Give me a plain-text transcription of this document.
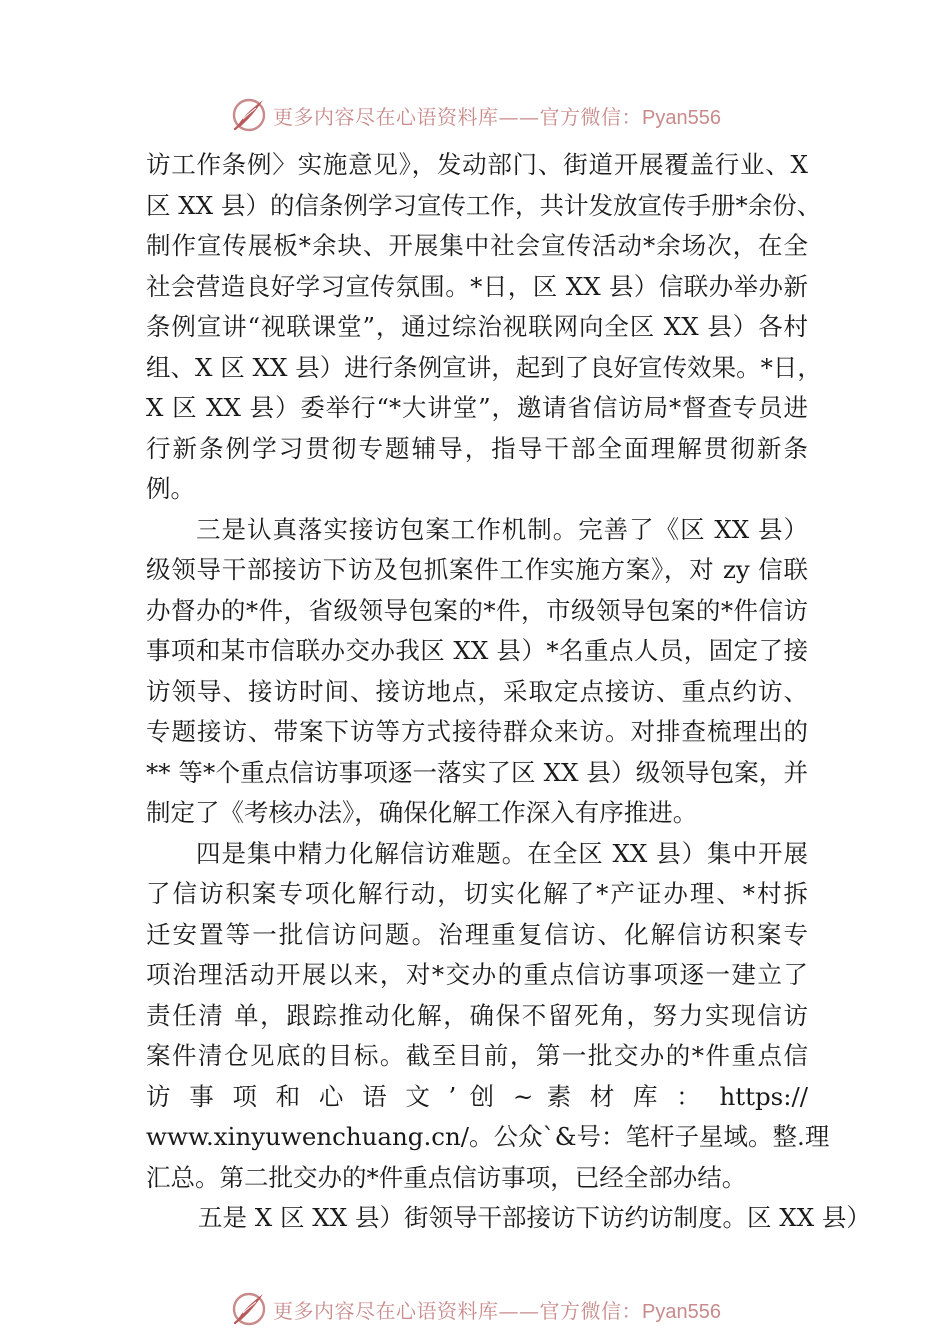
更多内容尽在心语资料库——官方微信：Pyan556
访工作条例〉实施意见》，发动部门、街道开展覆盖行业、X
区 XX 县）的信条例学习宣传工作，共计发放宣传手册*余份、
制作宣传展板*余块、开展集中社会宣传活动*余场次，在全
社会营造良好学习宣传氛围。*日，区 XX 县）信联办举办新
条例宣讲“视联课堂”，通过综治视联网向全区 XX 县）各村
组、X 区 XX 县）进行条例宣讲，起到了良好宣传效果。*日，
X 区 XX 县）委举行“*大讲堂”，邀请省信访局*督查专员进
行新条例学习贯彻专题辅导，指导干部全面理解贯彻新条
例。
三是认真落实接访包案工作机制。完善了《区 XX 县）
级领导干部接访下访及包抓案件工作实施方案》，对 zy 信联
办督办的*件，省级领导包案的*件，市级领导包案的*件信访
事项和某市信联办交办我区 XX 县）*名重点人员，固定了接
访领导、接访时间、接访地点，采取定点接访、重点约访、
专题接访、带案下访等方式接待群众来访。对排查梳理出的
** 等*个重点信访事项逐一落实了区 XX 县）级领导包案，并
制定了《考核办法》，确保化解工作深入有序推进。
四是集中精力化解信访难题。在全区 XX 县）集中开展
了信访积案专项化解行动，切实化解了*产证办理、*村拆
迁安置等一批信访问题。治理重复信访、化解信访积案专
项治理活动开展以来，对*交办的重点信访事项逐一建立了
责任清 单，跟踪推动化解，确保不留死角，努力实现信访
案件清仓见底的目标。截至目前，第一批交办的*件重点信
访 事 项 和 心 语 文 ’ 创 ~ 素 材 库 ： https://
www.xinyuwenchuang.cn/。公众`&号：笔杆子星域。整.理
汇总。第二批交办的*件重点信访事项，已经全部办结。
五是 X 区 XX 县）街领导干部接访下访约访制度。区 XX 县）
更多内容尽在心语资料库——官方微信：Pyan556
